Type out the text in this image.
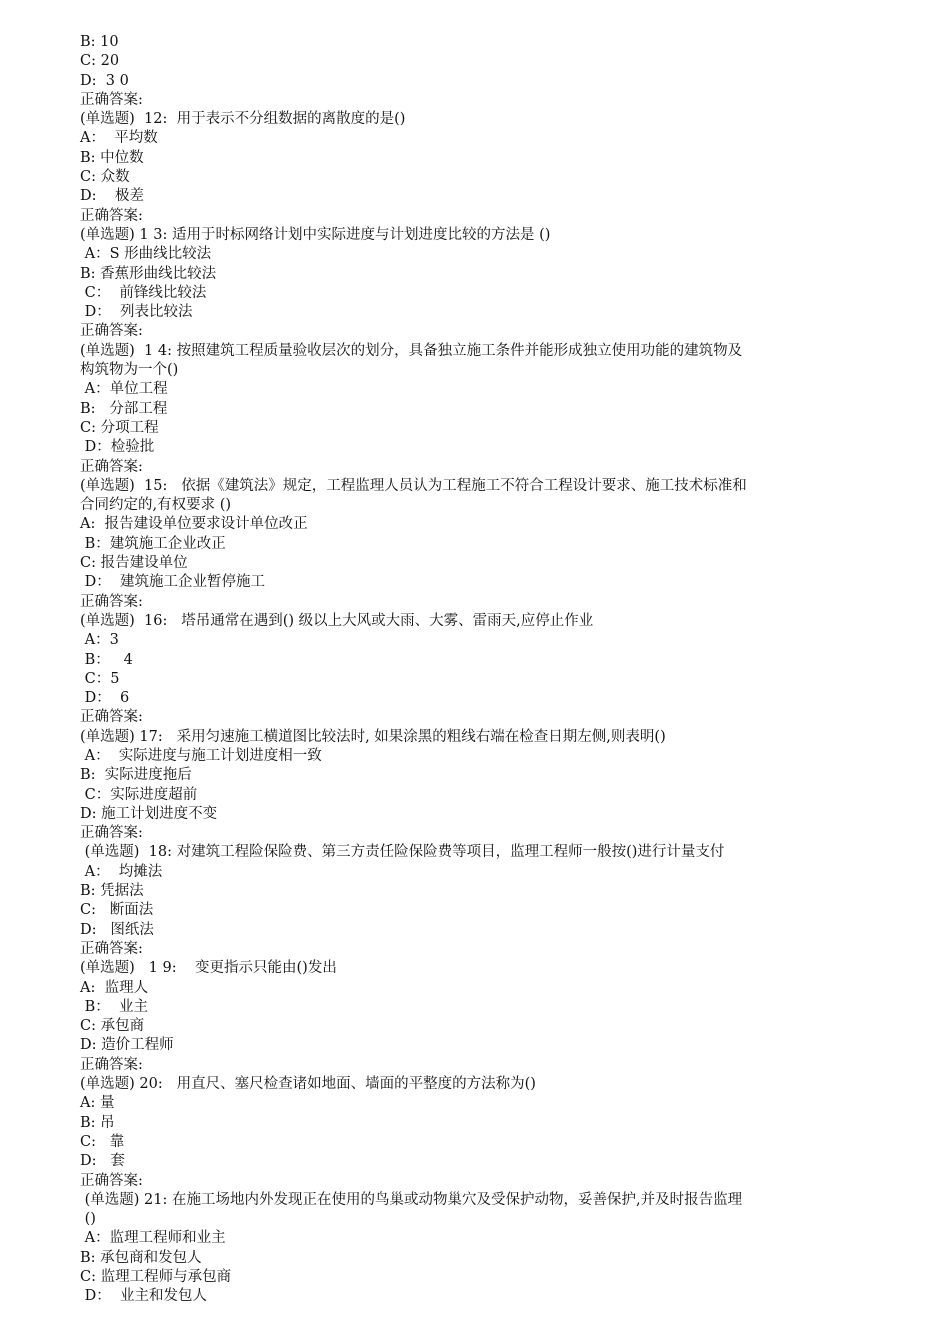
B: 10
C: 20
D:  3 0
正确答案:
(单选题)  12:  用于表示不分组数据的离散度的是()
A：  平均数
B: 中位数
C: 众数
D:    极差
正确答案:
(单选题) 1 3: 适用于时标网络计划中实际进度与计划进度比较的方法是 ()
A：S 形曲线比较法
B: 香蕉形曲线比较法
C：  前锋线比较法
D：  列表比较法
正确答案:
(单选题)  1 4: 按照建筑工程质量验收层次的划分，具备独立施工条件并能形成独立使用功能的建筑物及
构筑物为一个()
A：单位工程
B:   分部工程
C: 分项工程
D：检验批
正确答案:
(单选题)  15:   依据《建筑法》规定，工程监理人员认为工程施工不符合工程设计要求、施工技术标准和
合同约定的,有权要求 ()
A:  报告建设单位要求设计单位改正
B：建筑施工企业改正
C: 报告建设单位
D：  建筑施工企业暂停施工
正确答案:
(单选题)  16:   塔吊通常在遇到() 级以上大风或大雨、大雾、雷雨天,应停止作业
A：3
B：   4
C：5
D：  6
正确答案:
(单选题) 17:   采用匀速施工横道图比较法时, 如果涂黑的粗线右端在检查日期左侧,则表明()
A：  实际进度与施工计划进度相一致
B:  实际进度拖后
C：实际进度超前
D: 施工计划进度不变
正确答案:
(单选题)  18: 对建筑工程险保险费、第三方责任险保险费等项目，监理工程师一般按()进行计量支付
A：  均摊法
B: 凭据法
C:   断面法
D:   图纸法
正确答案:
(单选题)   1 9:    变更指示只能由()发出
A:  监理人
B：  业主
C: 承包商
D: 造价工程师
正确答案:
(单选题) 20:   用直尺、塞尺检查诸如地面、墙面的平整度的方法称为()
A: 量
B: 吊
C:   靠
D:   套
正确答案:
(单选题) 21: 在施工场地内外发现正在使用的鸟巢或动物巢穴及受保护动物，妥善保护,并及时报告监理
()
A：监理工程师和业主
B: 承包商和发包人
C: 监理工程师与承包商
D：  业主和发包人
